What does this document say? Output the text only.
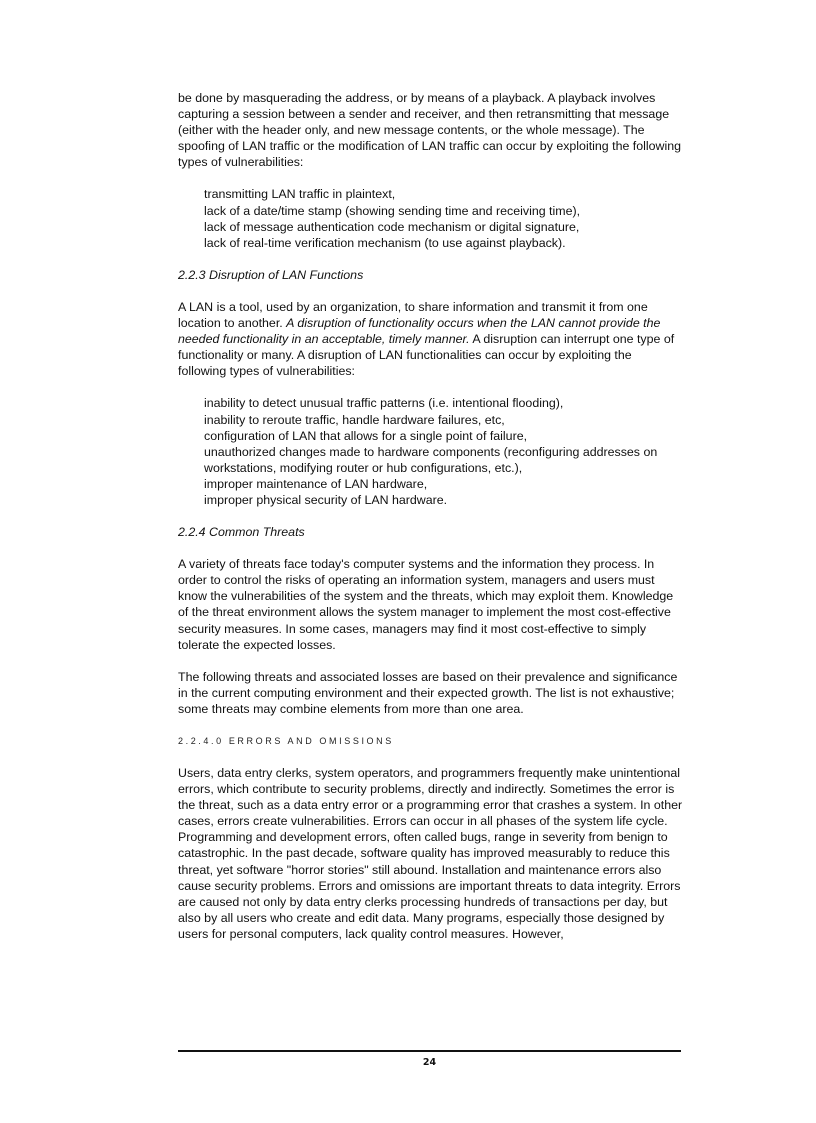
be done by masquerading the address, or by means of a playback. A playback involves capturing a session between a sender and receiver, and then retransmitting that message (either with the header only, and new message contents, or the whole message). The spoofing of LAN traffic or the modification of LAN traffic can occur by exploiting the following types of vulnerabilities:

transmitting LAN traffic in plaintext,
lack of a date/time stamp (showing sending time and receiving time),
lack of message authentication code mechanism or digital signature,
lack of real-time verification mechanism (to use against playback).
2.2.3 Disruption of LAN Functions

A LAN is a tool, used by an organization, to share information and transmit it from one location to another. A disruption of functionality occurs when the LAN cannot provide the needed functionality in an acceptable, timely manner. A disruption can interrupt one type of functionality or many. A disruption of LAN functionalities can occur by exploiting the following types of vulnerabilities:

inability to detect unusual traffic patterns (i.e. intentional flooding),
inability to reroute traffic, handle hardware failures, etc,
configuration of LAN that allows for a single point of failure,
unauthorized changes made to hardware components (reconfiguring addresses on workstations, modifying router or hub configurations, etc.),
improper maintenance of LAN hardware,
improper physical security of LAN hardware.
2.2.4 Common Threats

A variety of threats face today's computer systems and the information they process. In order to control the risks of operating an information system, managers and users must know the vulnerabilities of the system and the threats, which may exploit them. Knowledge of the threat environment allows the system manager to implement the most cost-effective security measures. In some cases, managers may find it most cost-effective to simply tolerate the expected losses.

The following threats and associated losses are based on their prevalence and significance in the current computing environment and their expected growth. The list is not exhaustive; some threats may combine elements from more than one area.

2.2.4.0 ERRORS AND OMISSIONS

Users, data entry clerks, system operators, and programmers frequently make unintentional errors, which contribute to security problems, directly and indirectly. Sometimes the error is the threat, such as a data entry error or a programming error that crashes a system. In other cases, errors create vulnerabilities. Errors can occur in all phases of the system life cycle. Programming and development errors, often called bugs, range in severity from benign to catastrophic. In the past decade, software quality has improved measurably to reduce this threat, yet software "horror stories" still abound. Installation and maintenance errors also cause security problems. Errors and omissions are important threats to data integrity. Errors are caused not only by data entry clerks processing hundreds of transactions per day, but also by all users who create and edit data. Many programs, especially those designed by users for personal computers, lack quality control measures. However,

24
